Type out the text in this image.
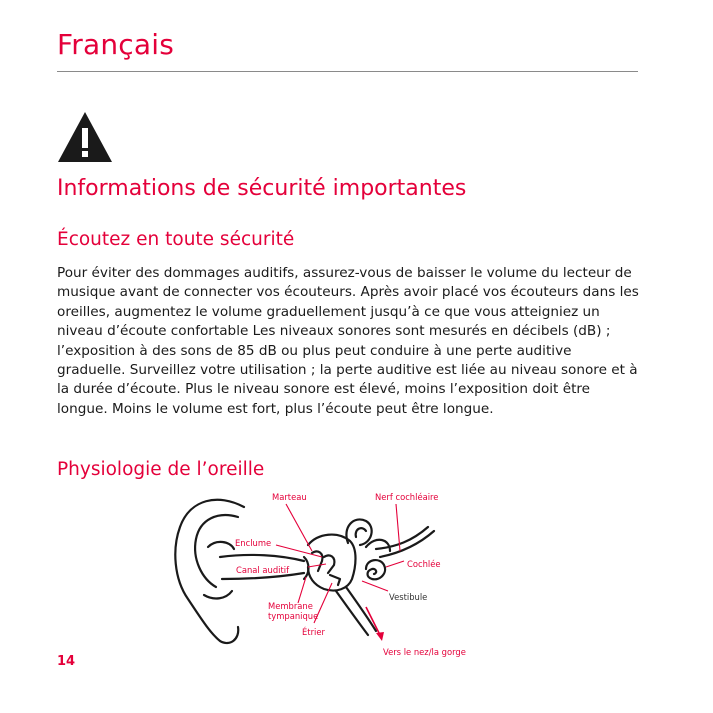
Français
Informations de sécurité importantes
Écoutez en toute sécurité

Pour éviter des dommages auditifs, assurez-vous de baisser le volume du lecteur de musique avant de connecter vos écouteurs. Après avoir placé vos écouteurs dans les oreilles, augmentez le volume graduellement jusqu’à ce que vous atteigniez un niveau d’écoute confortable Les niveaux sonores sont mesurés en décibels (dB) ; l’exposition à des sons de 85 dB ou plus peut conduire à une perte auditive graduelle. Surveillez votre utilisation ; la perte auditive est liée au niveau sonore et à la durée d’écoute. Plus le niveau sonore est élevé, moins l’exposition doit être longue. Moins le volume est fort, plus l’écoute peut être longue.

Physiologie de l’oreille
Marteau	Nerf cochléaire
Enclume
Cochlée
Canal auditif
Vestibule
Membrane
tympanique
Étrier
Vers le nez/la gorge

14
